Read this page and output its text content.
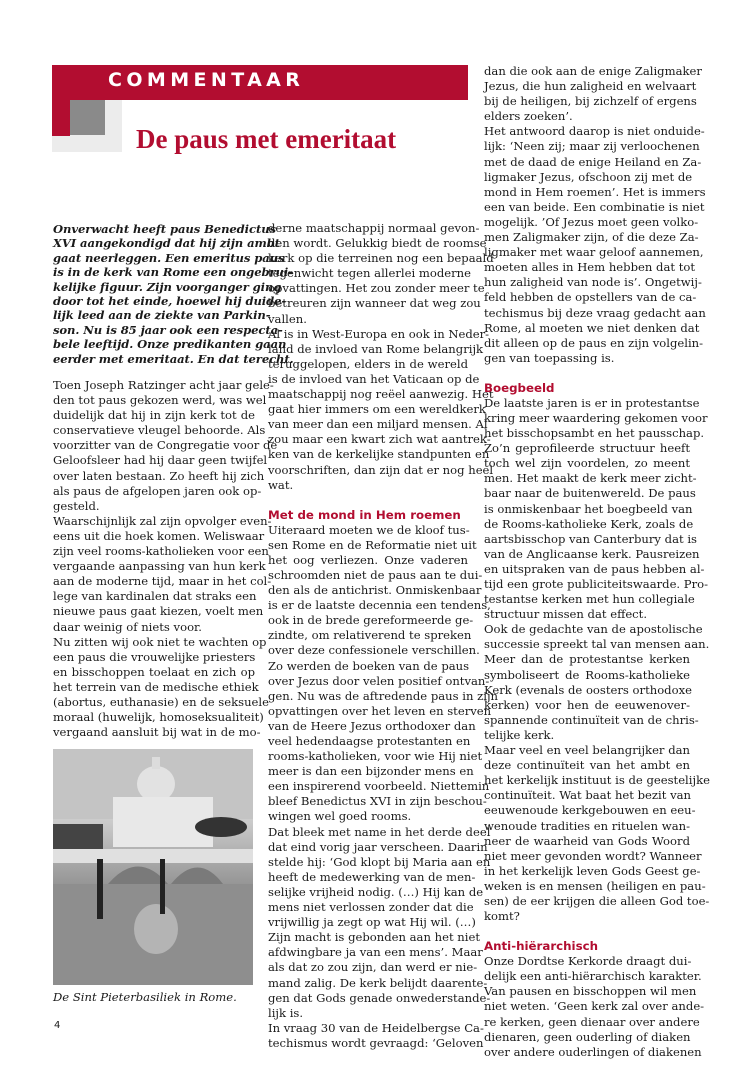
COMMENTAAR
De paus met emeritaat
Onverwacht heeft paus Benedictus
XVI aangekondigd dat hij zijn ambt
gaat neerleggen. Een emeritus paus
is in de kerk van Rome een ongebrui-
kelijke figuur. Zijn voorganger ging
door tot het einde, hoewel hij duide-
lijk leed aan de ziekte van Parkin-
son. Nu is 85 jaar ook een respecta-
bele leeftijd. Onze predikanten gaan
eerder met emeritaat. En dat terecht.
Toen Joseph Ratzinger acht jaar gele-
den tot paus gekozen werd, was wel
duidelijk dat hij in zijn kerk tot de
conservatieve vleugel behoorde. Als
voorzitter van de Congregatie voor de
Geloofsleer had hij daar geen twijfel
over laten bestaan. Zo heeft hij zich
als paus de afgelopen jaren ook op-
gesteld.
Waarschijnlijk zal zijn opvolger even-
eens uit die hoek komen. Weliswaar
zijn veel rooms-katholieken voor een
vergaande aanpassing van hun kerk
aan de moderne tijd, maar in het col-
lege van kardinalen dat straks een
nieuwe paus gaat kiezen, voelt men
daar weinig of niets voor.
Nu zitten wij ook niet te wachten op
een paus die vrouwelijke priesters
en bisschoppen toelaat en zich op
het terrein van de medische ethiek
(abortus, euthanasie) en de seksuele
moraal (huwelijk, homoseksualiteit)
vergaand aansluit bij wat in de mo-
derne maatschappij normaal gevon-
den wordt. Gelukkig biedt de roomse
kerk op die terreinen nog een bepaald
tegenwicht tegen allerlei moderne
opvattingen. Het zou zonder meer te
betreuren zijn wanneer dat weg zou
vallen.
Al is in West-Europa en ook in Neder-
land de invloed van Rome belangrijk
teruggelopen, elders in de wereld
is de invloed van het Vaticaan op de
maatschappij nog reëel aanwezig. Het
gaat hier immers om een wereldkerk
van meer dan een miljard mensen. Al
zou maar een kwart zich wat aantrek-
ken van de kerkelijke standpunten en
voorschriften, dan zijn dat er nog heel
wat.
Met de mond in Hem roemen
Uiteraard moeten we de kloof tus-
sen Rome en de Reformatie niet uit
het oog verliezen. Onze vaderen
schroomden niet de paus aan te dui-
den als de antichrist. Onmiskenbaar
is er de laatste decennia een tendens,
ook in de brede gereformeerde ge-
zindte, om relativerend te spreken
over deze confessionele verschillen.
Zo werden de boeken van de paus
over Jezus door velen positief ontvan-
gen. Nu was de aftredende paus in zijn
opvattingen over het leven en sterven
van de Heere Jezus orthodoxer dan
veel hedendaagse protestanten en
rooms-katholieken, voor wie Hij niet
meer is dan een bijzonder mens en
een inspirerend voorbeeld. Niettemin
bleef Benedictus XVI in zijn beschou-
wingen wel goed rooms.
Dat bleek met name in het derde deel
dat eind vorig jaar verscheen. Daarin
stelde hij: ‘God klopt bij Maria aan en
heeft de medewerking van de men-
selijke vrijheid nodig. (…) Hij kan de
mens niet verlossen zonder dat die
vrijwillig ja zegt op wat Hij wil. (…)
Zijn macht is gebonden aan het niet
afdwingbare ja van een mens’. Maar
als dat zo zou zijn, dan werd er nie-
mand zalig. De kerk belijdt daarente-
gen dat Gods genade onwederstande-
lijk is.
In vraag 30 van de Heidelbergse Ca-
techismus wordt gevraagd: ‘Geloven
dan die ook aan de enige Zaligmaker
Jezus, die hun zaligheid en welvaart
bij de heiligen, bij zichzelf of ergens
elders zoeken’.
Het antwoord daarop is niet onduide-
lijk: ‘Neen zij; maar zij verloochenen
met de daad de enige Heiland en Za-
ligmaker Jezus, ofschoon zij met de
mond in Hem roemen’. Het is immers
een van beide. Een combinatie is niet
mogelijk. ’Of Jezus moet geen volko-
men Zaligmaker zijn, of die deze Za-
ligmaker met waar geloof aannemen,
moeten alles in Hem hebben dat tot
hun zaligheid van node is’. Ongetwij-
feld hebben de opstellers van de ca-
techismus bij deze vraag gedacht aan
Rome, al moeten we niet denken dat
dit alleen op de paus en zijn volgelin-
gen van toepassing is.
Boegbeeld
De laatste jaren is er in protestantse
kring meer waardering gekomen voor
het bisschopsambt en het pausschap.
Zo’n geprofileerde structuur heeft
toch wel zijn voordelen, zo meent
men. Het maakt de kerk meer zicht-
baar naar de buitenwereld. De paus
is onmiskenbaar het boegbeeld van
de Rooms-katholieke Kerk, zoals de
aartsbisschop van Canterbury dat is
van de Anglicaanse kerk. Pausreizen
en uitspraken van de paus hebben al-
tijd een grote publiciteitswaarde. Pro-
testantse kerken met hun collegiale
structuur missen dat effect.
Ook de gedachte van de apostolische
successie spreekt tal van mensen aan.
Meer dan de protestantse kerken
symboliseert de Rooms-katholieke
Kerk (evenals de oosters orthodoxe
kerken) voor hen de eeuwenover-
spannende continuïteit van de chris-
telijke kerk.
Maar veel en veel belangrijker dan
deze continuïteit van het ambt en
het kerkelijk instituut is de geestelijke
continuïteit. Wat baat het bezit van
eeuwenoude kerkgebouwen en eeu-
wenoude tradities en rituelen wan-
neer de waarheid van Gods Woord
niet meer gevonden wordt? Wanneer
in het kerkelijk leven Gods Geest ge-
weken is en mensen (heiligen en pau-
sen) de eer krijgen die alleen God toe-
komt?
Anti-hiërarchisch
Onze Dordtse Kerkorde draagt dui-
delijk een anti-hiërarchisch karakter.
Van pausen en bisschoppen wil men
niet weten. ‘Geen kerk zal over ande-
re kerken, geen dienaar over andere
dienaren, geen ouderling of diaken
over andere ouderlingen of diakenen
De Sint Pieterbasiliek in Rome.
4
